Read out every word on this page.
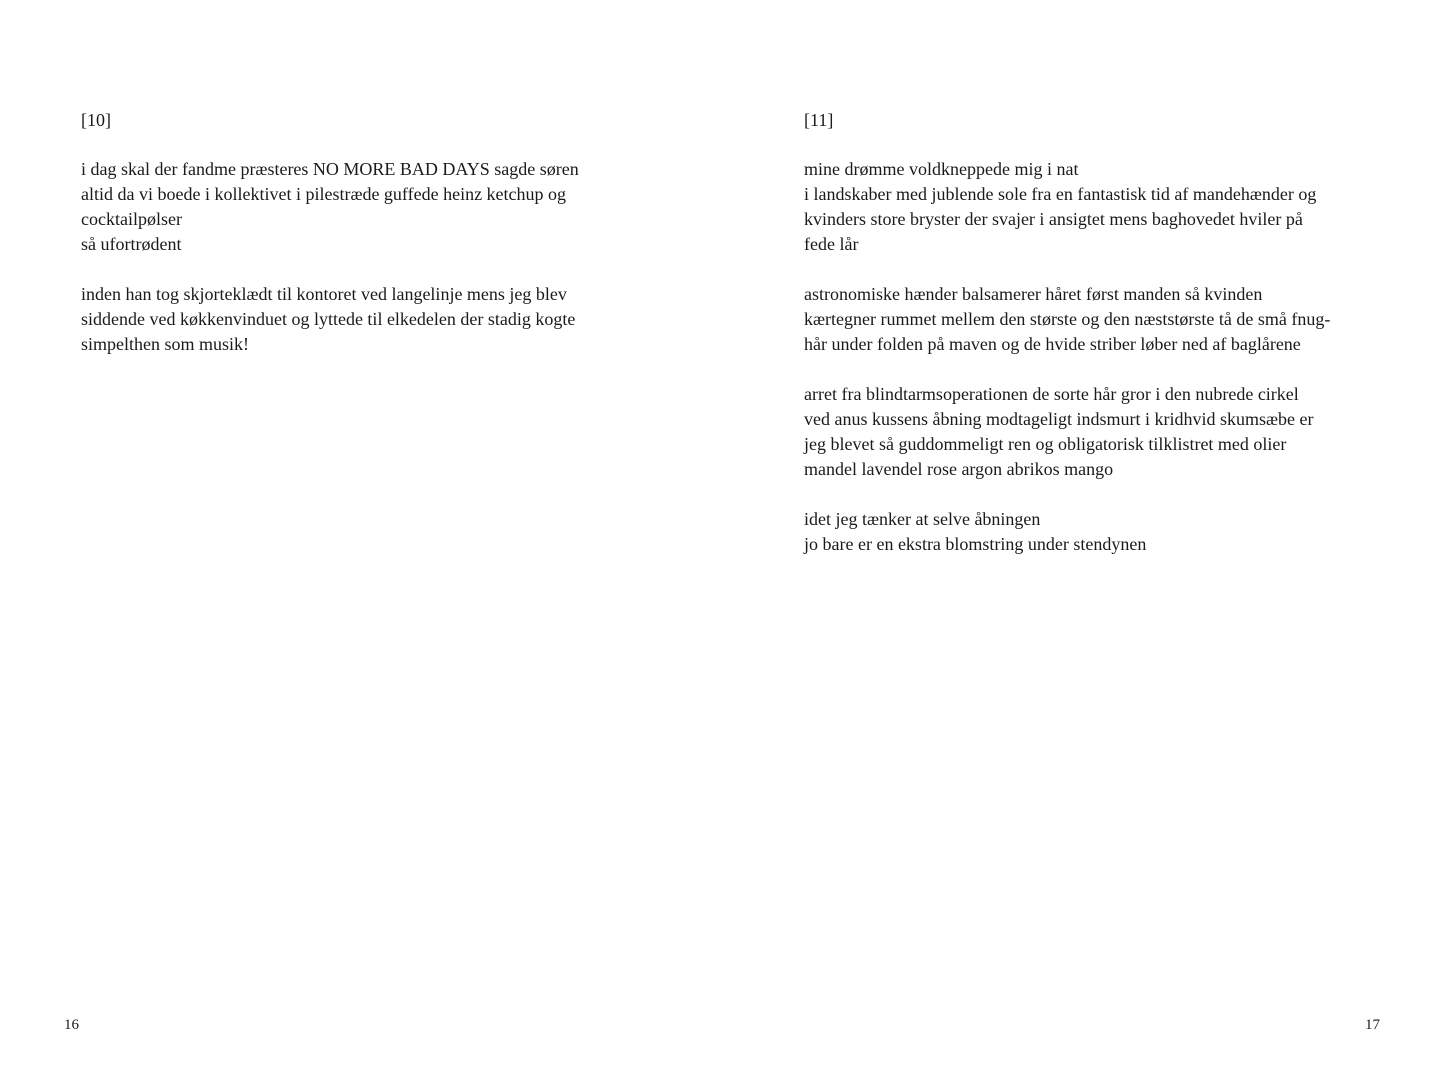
[10]

i dag skal der fandme præsteres NO MORE BAD DAYS sagde søren
altid da vi boede i kollektivet i pilestræde guffede heinz ketchup og
cocktailpølser
så ufortrødent

inden han tog skjorteklædt til kontoret ved langelinje mens jeg blev
siddende ved køkkenvinduet og lyttede til elkedelen der stadig kogte
simpelthen som musik!

16

[11]

mine drømme voldkneppede mig i nat
i landskaber med jublende sole fra en fantastisk tid af mandehænder og
kvinders store bryster der svajer i ansigtet mens baghovedet hviler på
fede lår

astronomiske hænder balsamerer håret først manden så kvinden
kærtegner rummet mellem den største og den næststørste tå de små fnug-
hår under folden på maven og de hvide striber løber ned af baglårene

arret fra blindtarmsoperationen de sorte hår gror i den nubrede cirkel
ved anus kussens åbning modtageligt indsmurt i kridhvid skumsæbe er
jeg blevet så guddommeligt ren og obligatorisk tilklistret med olier
mandel lavendel rose argon abrikos mango

idet jeg tænker at selve åbningen
jo bare er en ekstra blomstring under stendynen

17
